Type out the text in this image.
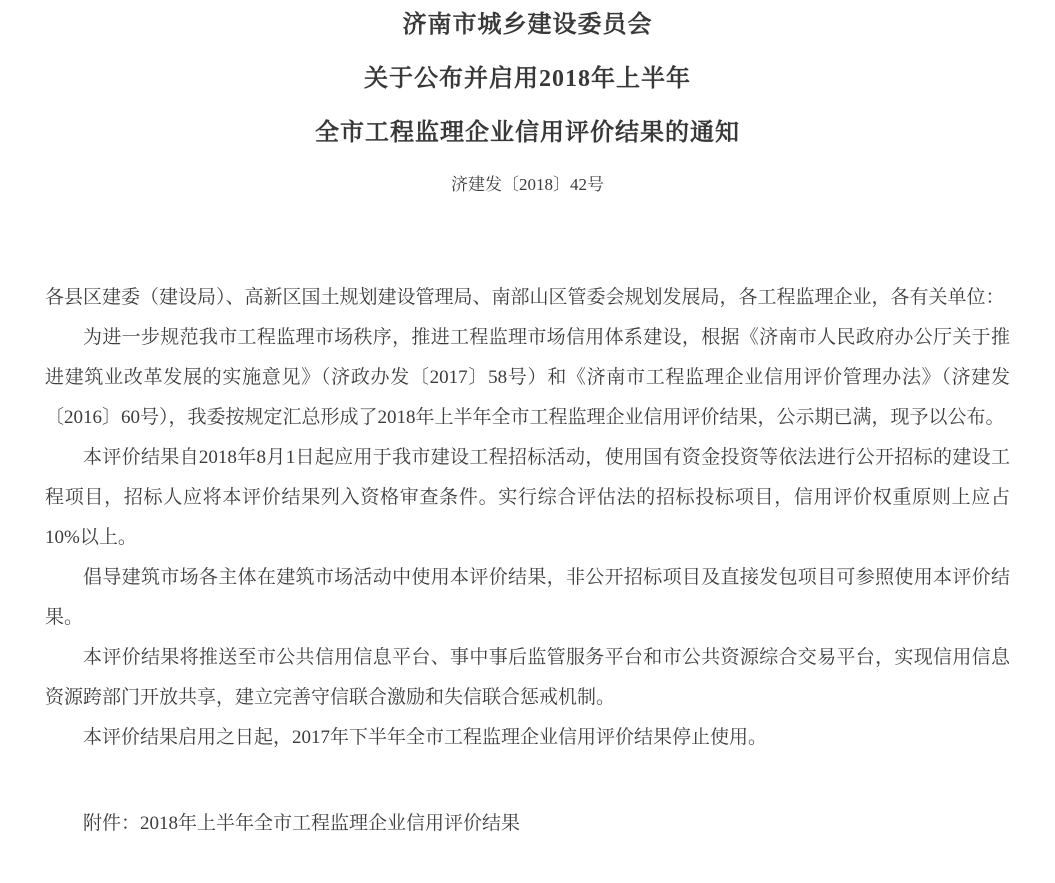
济南市城乡建设委员会
关于公布并启用2018年上半年
全市工程监理企业信用评价结果的通知
济建发〔2018〕42号

各县区建委（建设局）、高新区国土规划建设管理局、南部山区管委会规划发展局，各工程监理企业，各有关单位：

为进一步规范我市工程监理市场秩序，推进工程监理市场信用体系建设，根据《济南市人民政府办公厅关于推进建筑业改革发展的实施意见》（济政办发〔2017〕58号）和《济南市工程监理企业信用评价管理办法》（济建发〔2016〕60号），我委按规定汇总形成了2018年上半年全市工程监理企业信用评价结果，公示期已满，现予以公布。

本评价结果自2018年8月1日起应用于我市建设工程招标活动，使用国有资金投资等依法进行公开招标的建设工程项目，招标人应将本评价结果列入资格审查条件。实行综合评估法的招标投标项目，信用评价权重原则上应占10%以上。

倡导建筑市场各主体在建筑市场活动中使用本评价结果，非公开招标项目及直接发包项目可参照使用本评价结果。

本评价结果将推送至市公共信用信息平台、事中事后监管服务平台和市公共资源综合交易平台，实现信用信息资源跨部门开放共享，建立完善守信联合激励和失信联合惩戒机制。

本评价结果启用之日起，2017年下半年全市工程监理企业信用评价结果停止使用。

附件：2018年上半年全市工程监理企业信用评价结果
